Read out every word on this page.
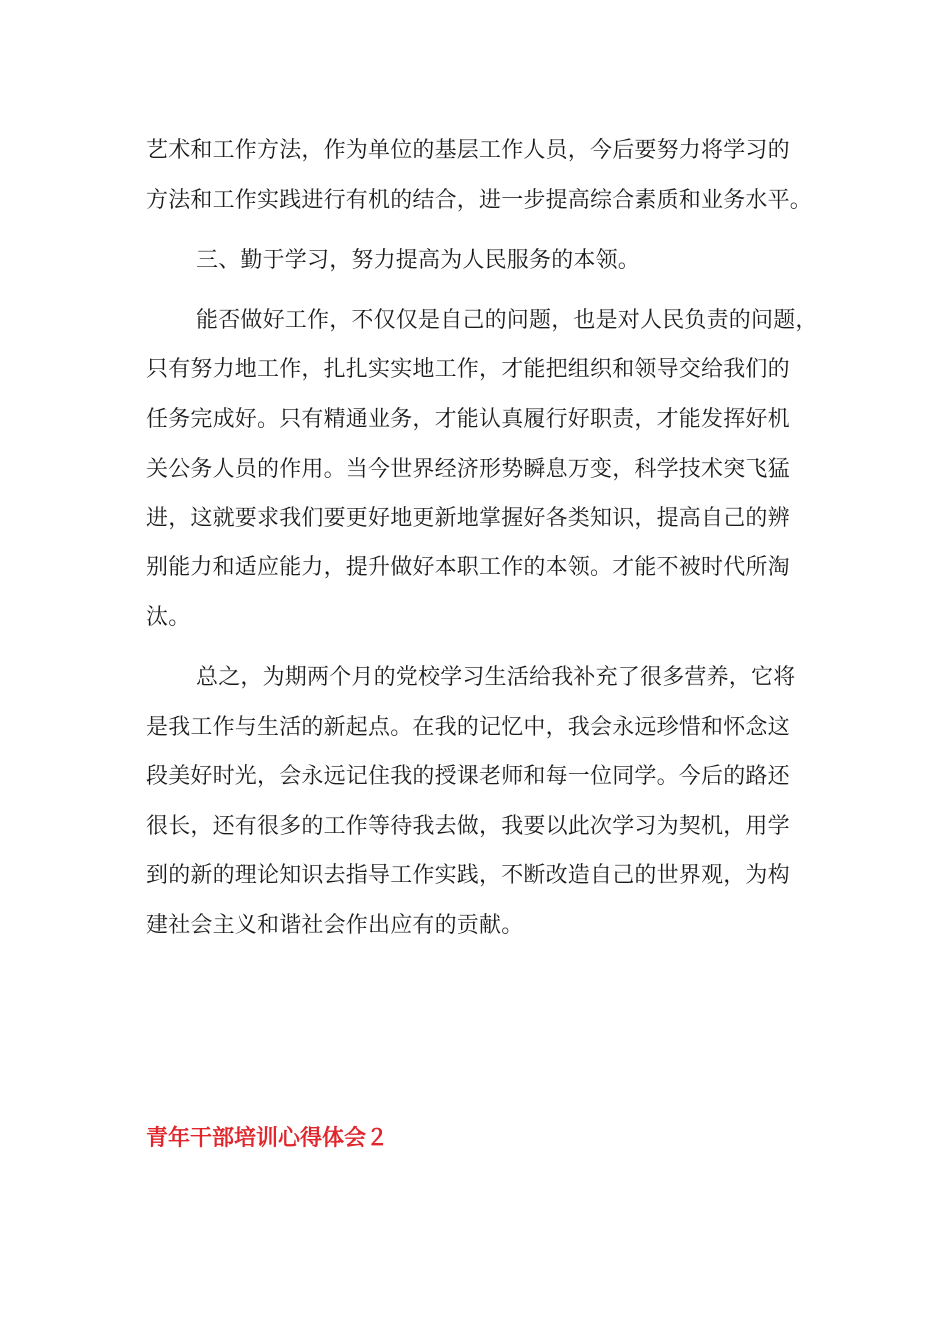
艺术和工作方法，作为单位的基层工作人员，今后要努力将学习的
方法和工作实践进行有机的结合，进一步提高综合素质和业务水平。
三、勤于学习，努力提高为人民服务的本领。
能否做好工作，不仅仅是自己的问题，也是对人民负责的问题，
只有努力地工作，扎扎实实地工作，才能把组织和领导交给我们的
任务完成好。只有精通业务，才能认真履行好职责，才能发挥好机
关公务人员的作用。当今世界经济形势瞬息万变，科学技术突飞猛
进，这就要求我们要更好地更新地掌握好各类知识，提高自己的辨
别能力和适应能力，提升做好本职工作的本领。才能不被时代所淘
汰。
总之，为期两个月的党校学习生活给我补充了很多营养，它将
是我工作与生活的新起点。在我的记忆中，我会永远珍惜和怀念这
段美好时光，会永远记住我的授课老师和每一位同学。今后的路还
很长，还有很多的工作等待我去做，我要以此次学习为契机，用学
到的新的理论知识去指导工作实践，不断改造自己的世界观，为构
建社会主义和谐社会作出应有的贡献。
青年干部培训心得体会２
